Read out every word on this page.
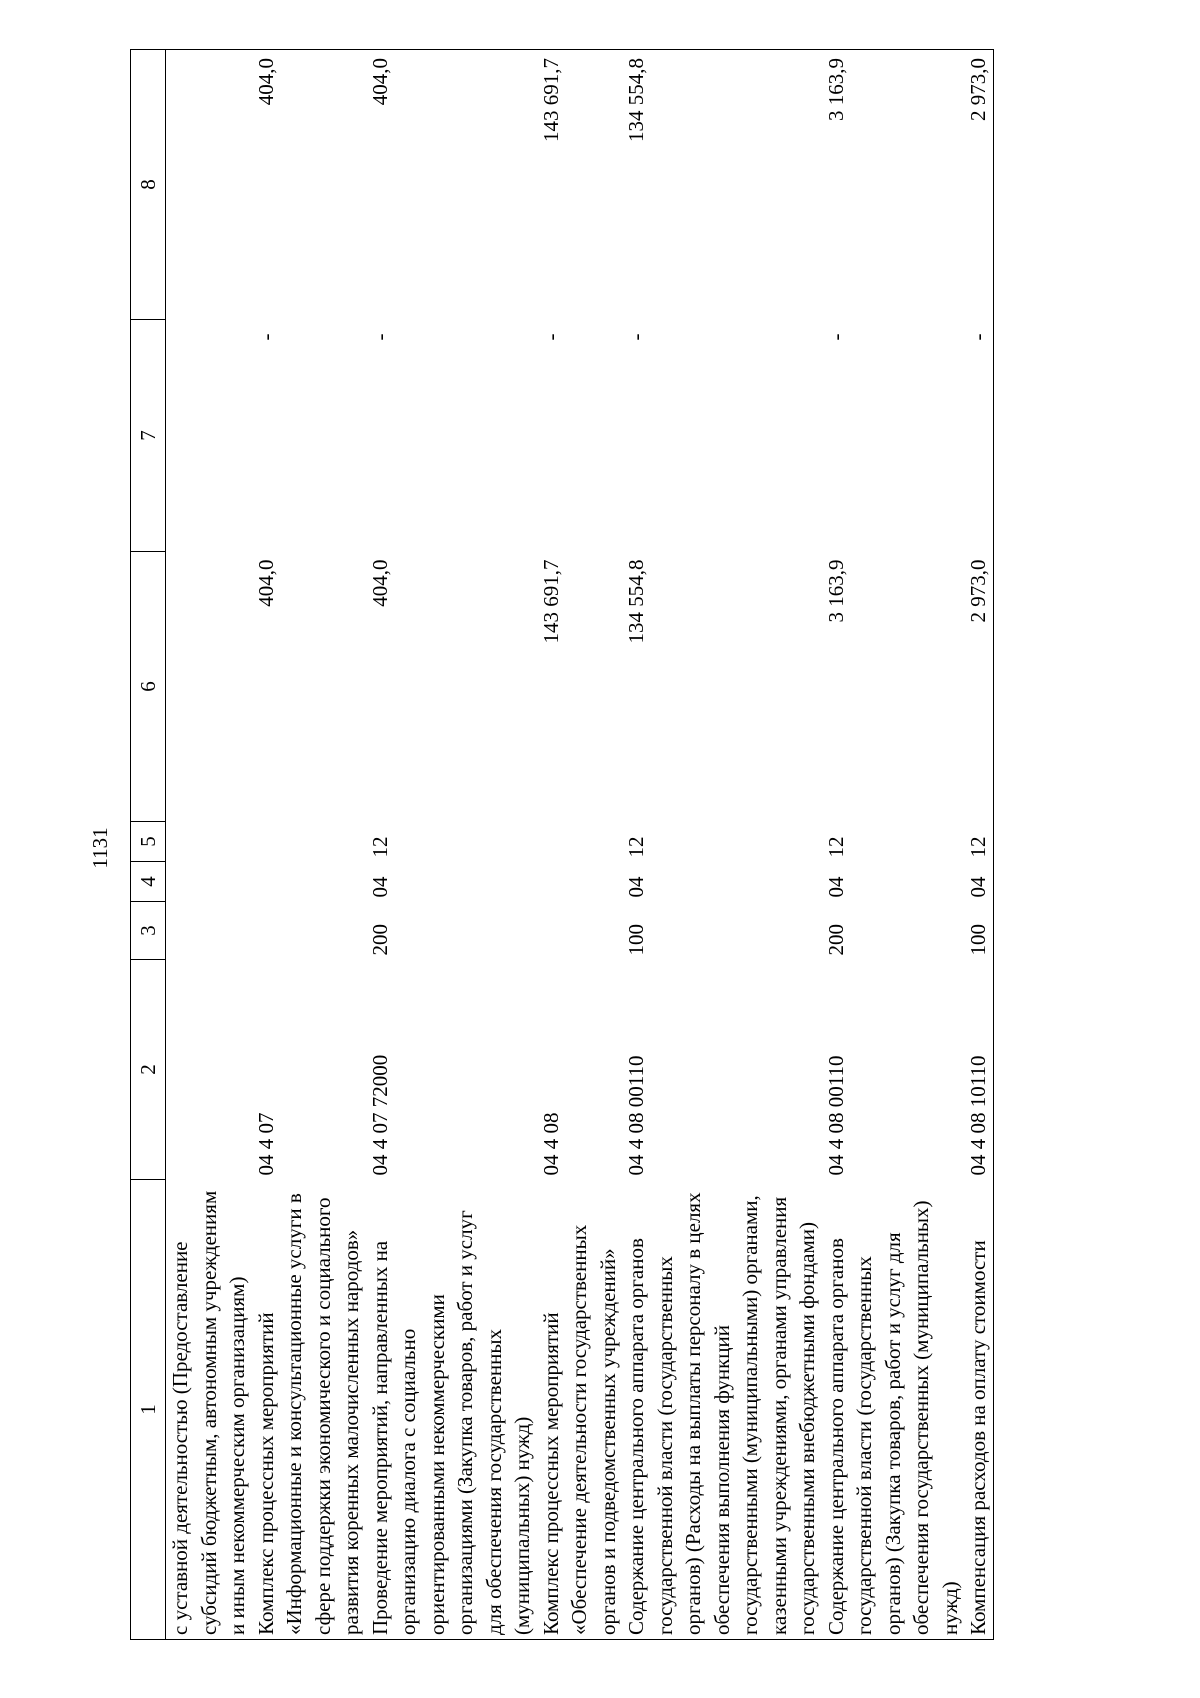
1131
1	2	3	4	5	6	7	8
с уставной деятельностью (Предоставление субсидий бюджетным, автономным учреждениям и иным некоммерческим организациям)							
Комплекс процессных мероприятий «Информационные и консультационные услуги в сфере поддержки экономического и социального развития коренных малочисленных народов»	04 4 07				404,0	-	404,0
Проведение мероприятий, направленных на организацию диалога с социально ориентированными некоммерческими организациями (Закупка товаров, работ и услуг для обеспечения государственных (муниципальных) нужд)	04 4 07 72000	200	04	12	404,0	-	404,0
Комплекс процессных мероприятий «Обеспечение деятельности государственных органов и подведомственных учреждений»	04 4 08				143 691,7	-	143 691,7
Содержание центрального аппарата органов государственной власти (государственных органов) (Расходы на выплаты персоналу в целях обеспечения выполнения функций государственными (муниципальными) органами, казенными учреждениями, органами управления государственными внебюджетными фондами)	04 4 08 00110	100	04	12	134 554,8	-	134 554,8
Содержание центрального аппарата органов государственной власти (государственных органов) (Закупка товаров, работ и услуг для обеспечения государственных (муниципальных) нужд)	04 4 08 00110	200	04	12	3 163,9	-	3 163,9
Компенсация расходов на оплату стоимости	04 4 08 10110	100	04	12	2 973,0	-	2 973,0
